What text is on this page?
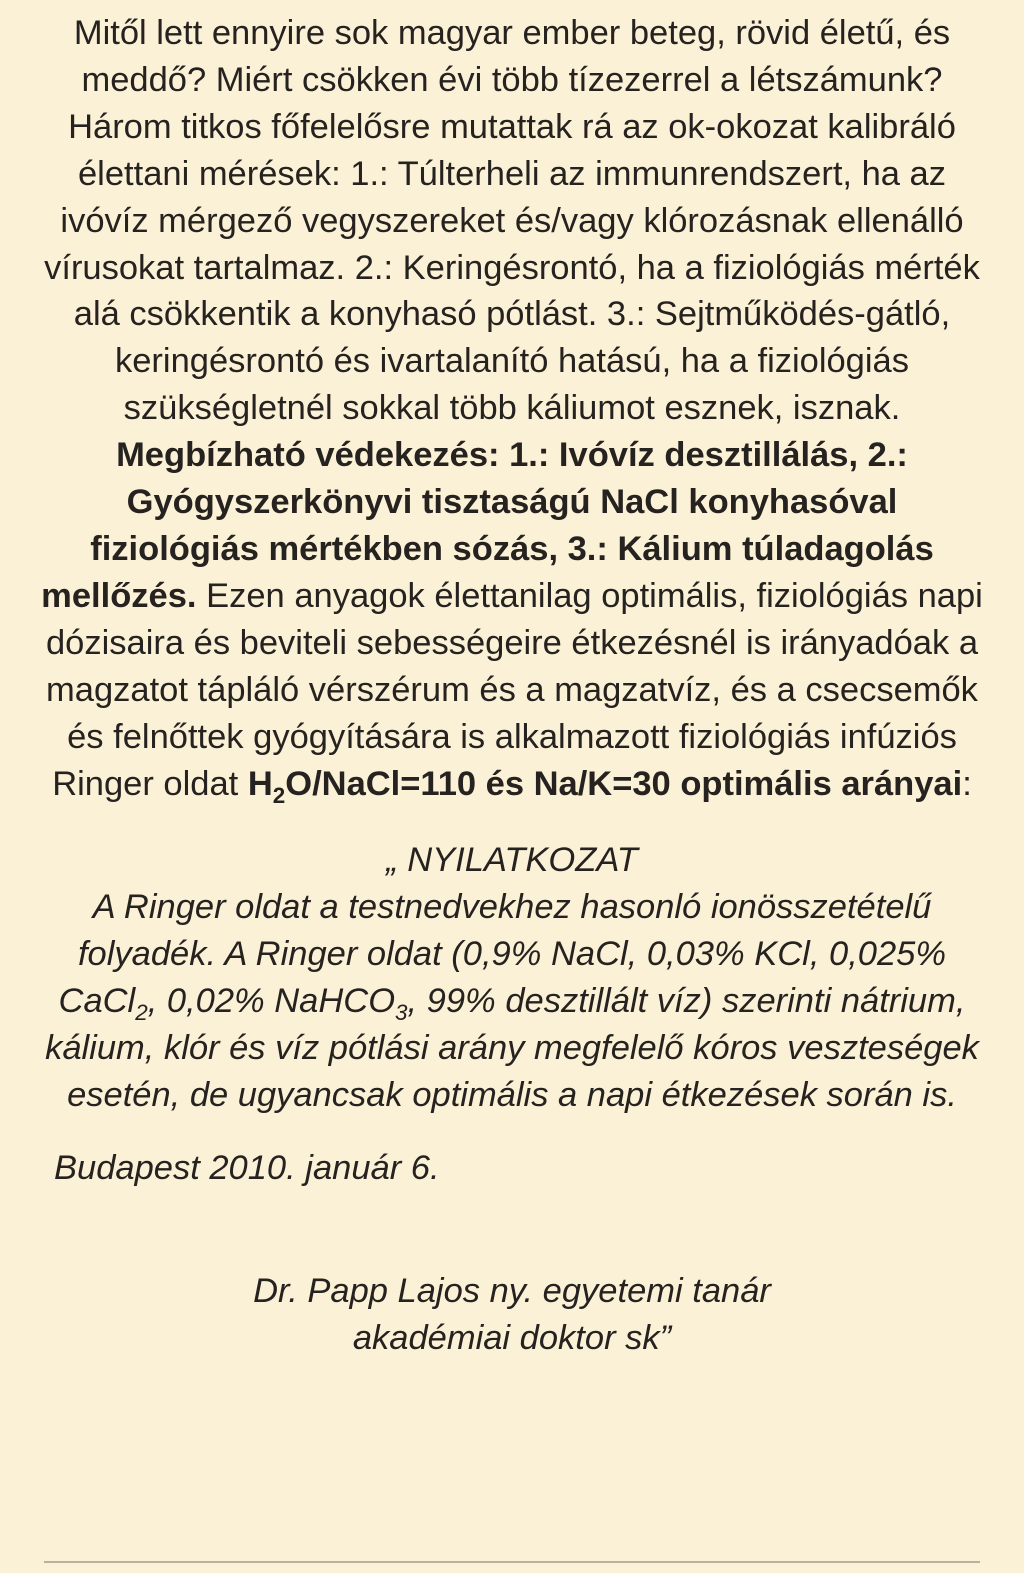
Mitől lett ennyire sok magyar ember beteg, rövid életű, és meddő? Miért csökken évi több tízezerrel a létszámunk? Három titkos főfelelősre mutattak rá az ok-okozat kalibráló élettani mérések: 1.: Túlterheli az immunrendszert, ha az ivóvíz mérgező vegyszereket és/vagy klórozásnak ellenálló vírusokat tartalmaz. 2.: Keringésrontó, ha a fiziológiás mérték alá csökkentik a konyhasó pótlást. 3.: Sejtműködés-gátló, keringésrontó és ivartalanító hatású, ha a fiziológiás szükségletnél sokkal több káliumot esznek, isznak. Megbízható védekezés: 1.: Ivóvíz desztillálás, 2.: Gyógyszerkönyvi tisztaságú NaCl konyhasóval fiziológiás mértékben sózás, 3.: Kálium túladagolás mellőzés. Ezen anyagok élettanilag optimális, fiziológiás napi dózisaira és beviteli sebességeire étkezésnél is irányadóak a magzatot tápláló vérszérum és a magzatvíz, és a csecsemők és felnőttek gyógyítására is alkalmazott fiziológiás infúziós Ringer oldat $H_2O/NaCl=110$ és Na/K=30 optimális arányai:

„ NYILATKOZAT

A Ringer oldat a testnedvekhez hasonló ionösszetételű folyadék. A Ringer oldat (0,9% NaCl, 0,03% KCl, 0,025% CaCl$_2$, 0,02% NaHCO$_3$, 99% desztillált víz) szerinti nátrium, kálium, klór és víz pótlási arány megfelelő kóros veszteségek esetén, de ugyancsak optimális a napi étkezések során is.

Budapest 2010. január 6.

Dr. Papp Lajos ny. egyetemi tanár
akadémiai doktor sk”
